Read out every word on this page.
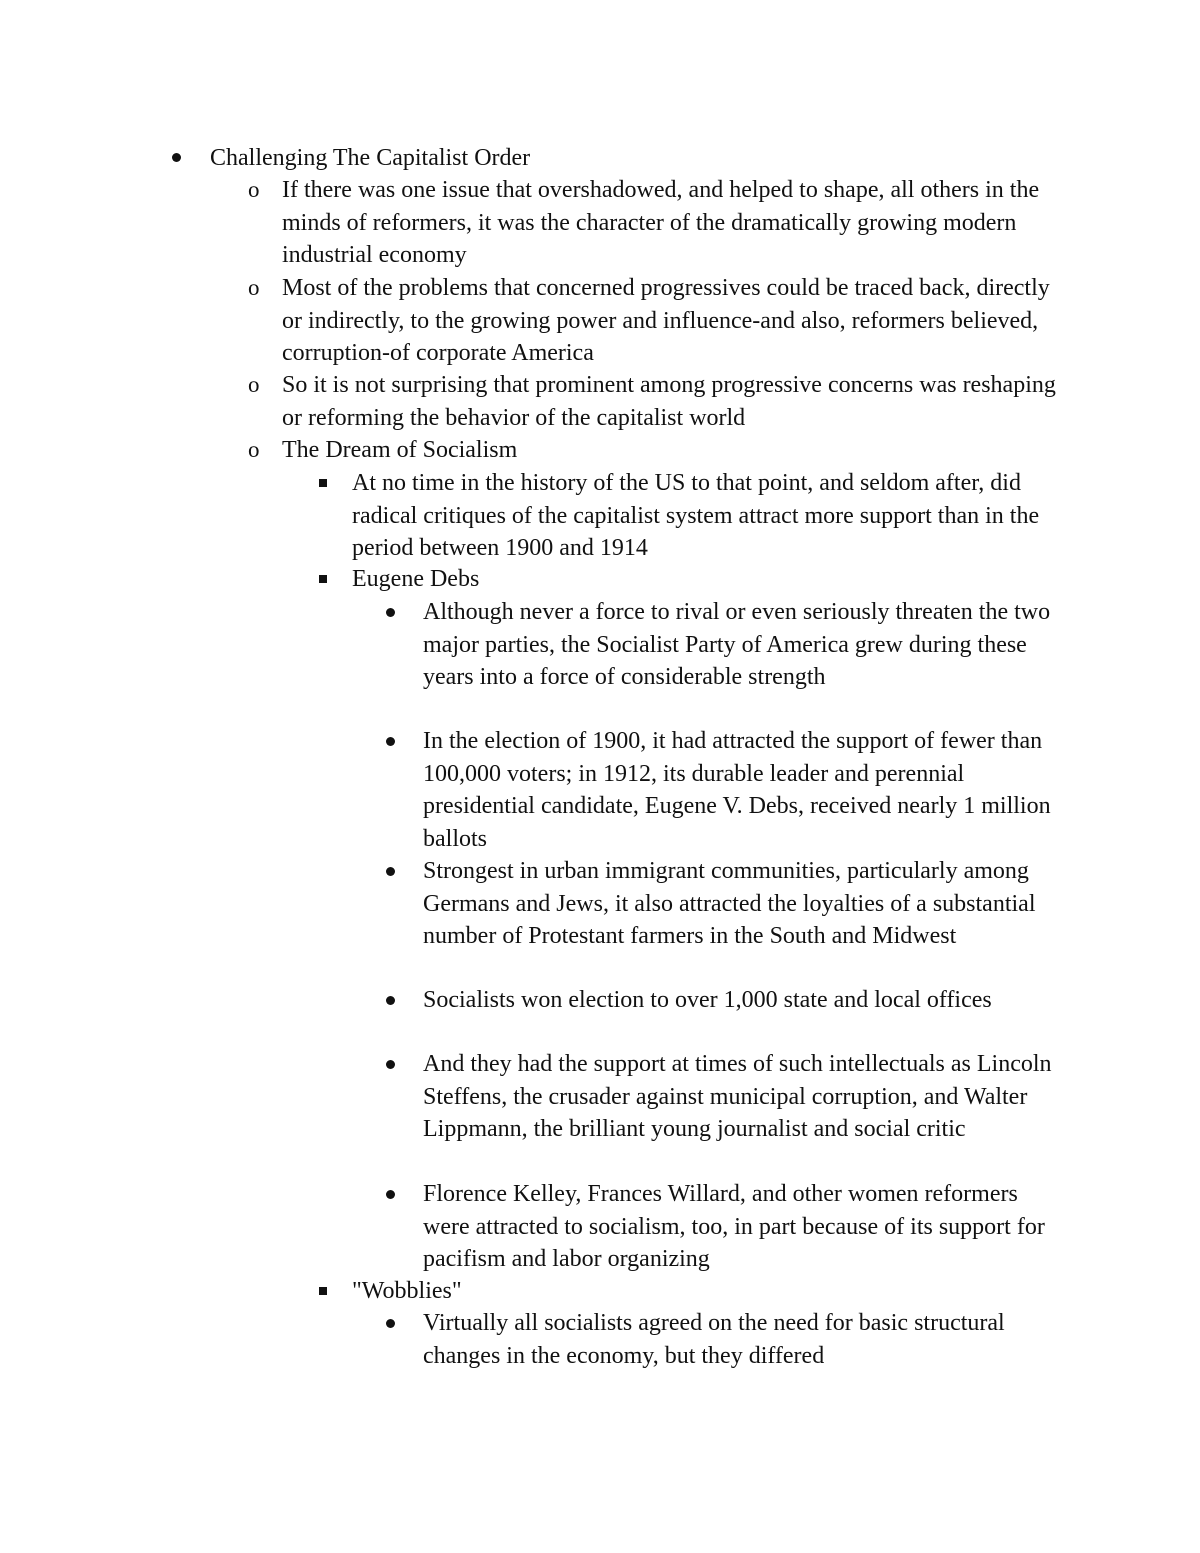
Challenging The Capitalist Order
o If there was one issue that overshadowed, and helped to shape, all others in the minds of reformers, it was the character of the dramatically growing modern industrial economy
o Most of the problems that concerned progressives could be traced back, directly or indirectly, to the growing power and influence-and also, reformers believed, corruption-of corporate America
o So it is not surprising that prominent among progressive concerns was reshaping or reforming the behavior of the capitalist world
o The Dream of Socialism
At no time in the history of the US to that point, and seldom after, did radical critiques of the capitalist system attract more support than in the period between 1900 and 1914
Eugene Debs
Although never a force to rival or even seriously threaten the two major parties, the Socialist Party of America grew during these years into a force of considerable strength
In the election of 1900, it had attracted the support of fewer than 100,000 voters; in 1912, its durable leader and perennial presidential candidate, Eugene V. Debs, received nearly 1 million ballots
Strongest in urban immigrant communities, particularly among Germans and Jews, it also attracted the loyalties of a substantial number of Protestant farmers in the South and Midwest
Socialists won election to over 1,000 state and local offices
And they had the support at times of such intellectuals as Lincoln Steffens, the crusader against municipal corruption, and Walter Lippmann, the brilliant young journalist and social critic
Florence Kelley, Frances Willard, and other women reformers were attracted to socialism, too, in part because of its support for pacifism and labor organizing
"Wobblies"
Virtually all socialists agreed on the need for basic structural changes in the economy, but they differed
